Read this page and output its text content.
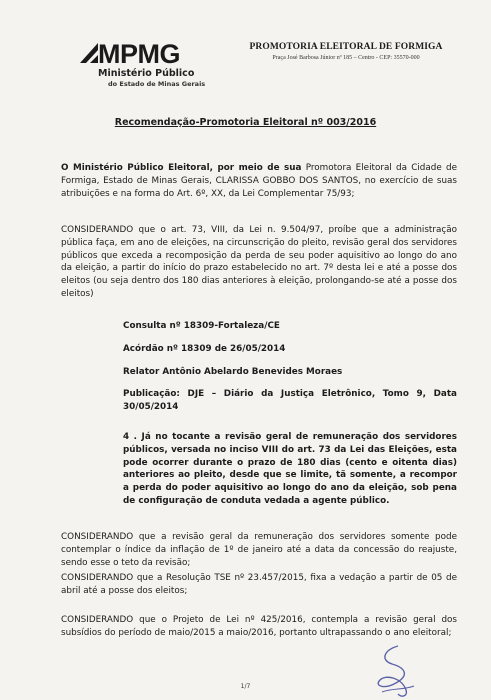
MPMG
Ministério Público
do Estado de Minas Gerais
PROMOTORIA ELEITORAL DE FORMIGA
Praça José Barbosa Júnior nº 185 – Centro - CEP: 35570-000
Recomendação-Promotoria Eleitoral nº 003/2016
O Ministério Público Eleitoral, por meio de sua Promotora Eleitoral da Cidade de Formiga, Estado de Minas Gerais, CLARISSA GOBBO DOS SANTOS, no exercício de suas atribuições e na forma do Art. 6º, XX, da Lei Complementar 75/93;
CONSIDERANDO que o art. 73, VIII, da Lei n. 9.504/97, proíbe que a administração pública faça, em ano de eleições, na circunscrição do pleito, revisão geral dos servidores públicos que exceda a recomposição da perda de seu poder aquisitivo ao longo do ano da eleição, a partir do início do prazo estabelecido no art. 7º desta lei e até a posse dos eleitos (ou seja dentro dos 180 dias anteriores à eleição, prolongando-se até a posse dos eleitos)
Consulta nº 18309-Fortaleza/CE
Acórdão nº 18309 de 26/05/2014
Relator Antônio Abelardo Benevides Moraes
Publicação: DJE – Diário da Justiça Eletrônico, Tomo 9, Data 30/05/2014
4 . Já no tocante a revisão geral de remuneração dos servidores públicos, versada no inciso VIII do art. 73 da Lei das Eleições, esta pode ocorrer durante o prazo de 180 dias (cento e oitenta dias) anteriores ao pleito, desde que se limite, tã somente, a recompor a perda do poder aquisitivo ao longo do ano da eleição, sob pena de configuração de conduta vedada a agente público.
CONSIDERANDO que a revisão geral da remuneração dos servidores somente pode contemplar o índice da inflação de 1º de janeiro até a data da concessão do reajuste, sendo esse o teto da revisão;
CONSIDERANDO que a Resolução TSE nº 23.457/2015, fixa a vedação a partir de 05 de abril até a posse dos eleitos;
CONSIDERANDO que o Projeto de Lei nº 425/2016, contempla a revisão geral dos subsídios do período de maio/2015 a maio/2016, portanto ultrapassando o ano eleitoral;
1/7
